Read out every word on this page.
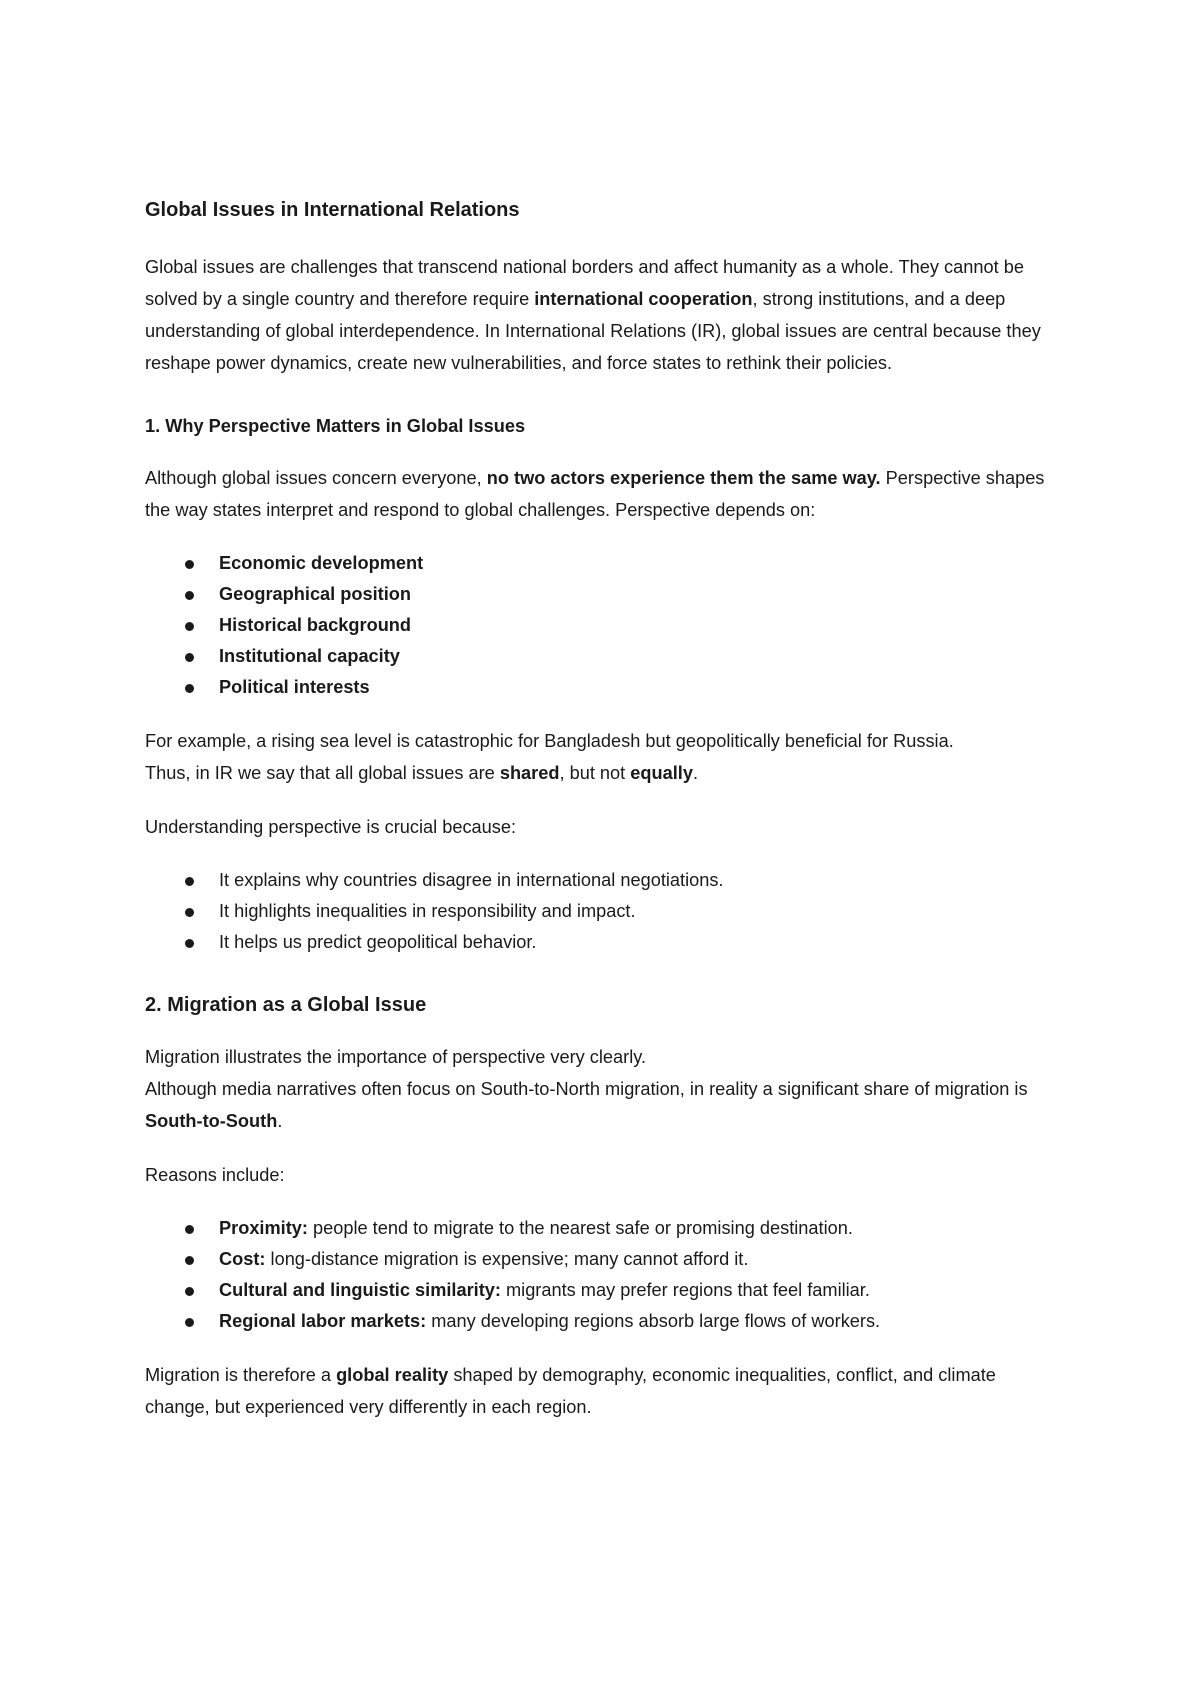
Global Issues in International Relations

Global issues are challenges that transcend national borders and affect humanity as a whole. They cannot be solved by a single country and therefore require international cooperation, strong institutions, and a deep understanding of global interdependence. In International Relations (IR), global issues are central because they reshape power dynamics, create new vulnerabilities, and force states to rethink their policies.

1. Why Perspective Matters in Global Issues

Although global issues concern everyone, no two actors experience them the same way. Perspective shapes the way states interpret and respond to global challenges. Perspective depends on:

Economic development
Geographical position
Historical background
Institutional capacity
Political interests

For example, a rising sea level is catastrophic for Bangladesh but geopolitically beneficial for Russia.
Thus, in IR we say that all global issues are shared, but not equally.

Understanding perspective is crucial because:

It explains why countries disagree in international negotiations.
It highlights inequalities in responsibility and impact.
It helps us predict geopolitical behavior.
2. Migration as a Global Issue

Migration illustrates the importance of perspective very clearly.
Although media narratives often focus on South-to-North migration, in reality a significant share of migration is South-to-South.

Reasons include:

Proximity: people tend to migrate to the nearest safe or promising destination.
Cost: long-distance migration is expensive; many cannot afford it.
Cultural and linguistic similarity: migrants may prefer regions that feel familiar.
Regional labor markets: many developing regions absorb large flows of workers.

Migration is therefore a global reality shaped by demography, economic inequalities, conflict, and climate change, but experienced very differently in each region.
